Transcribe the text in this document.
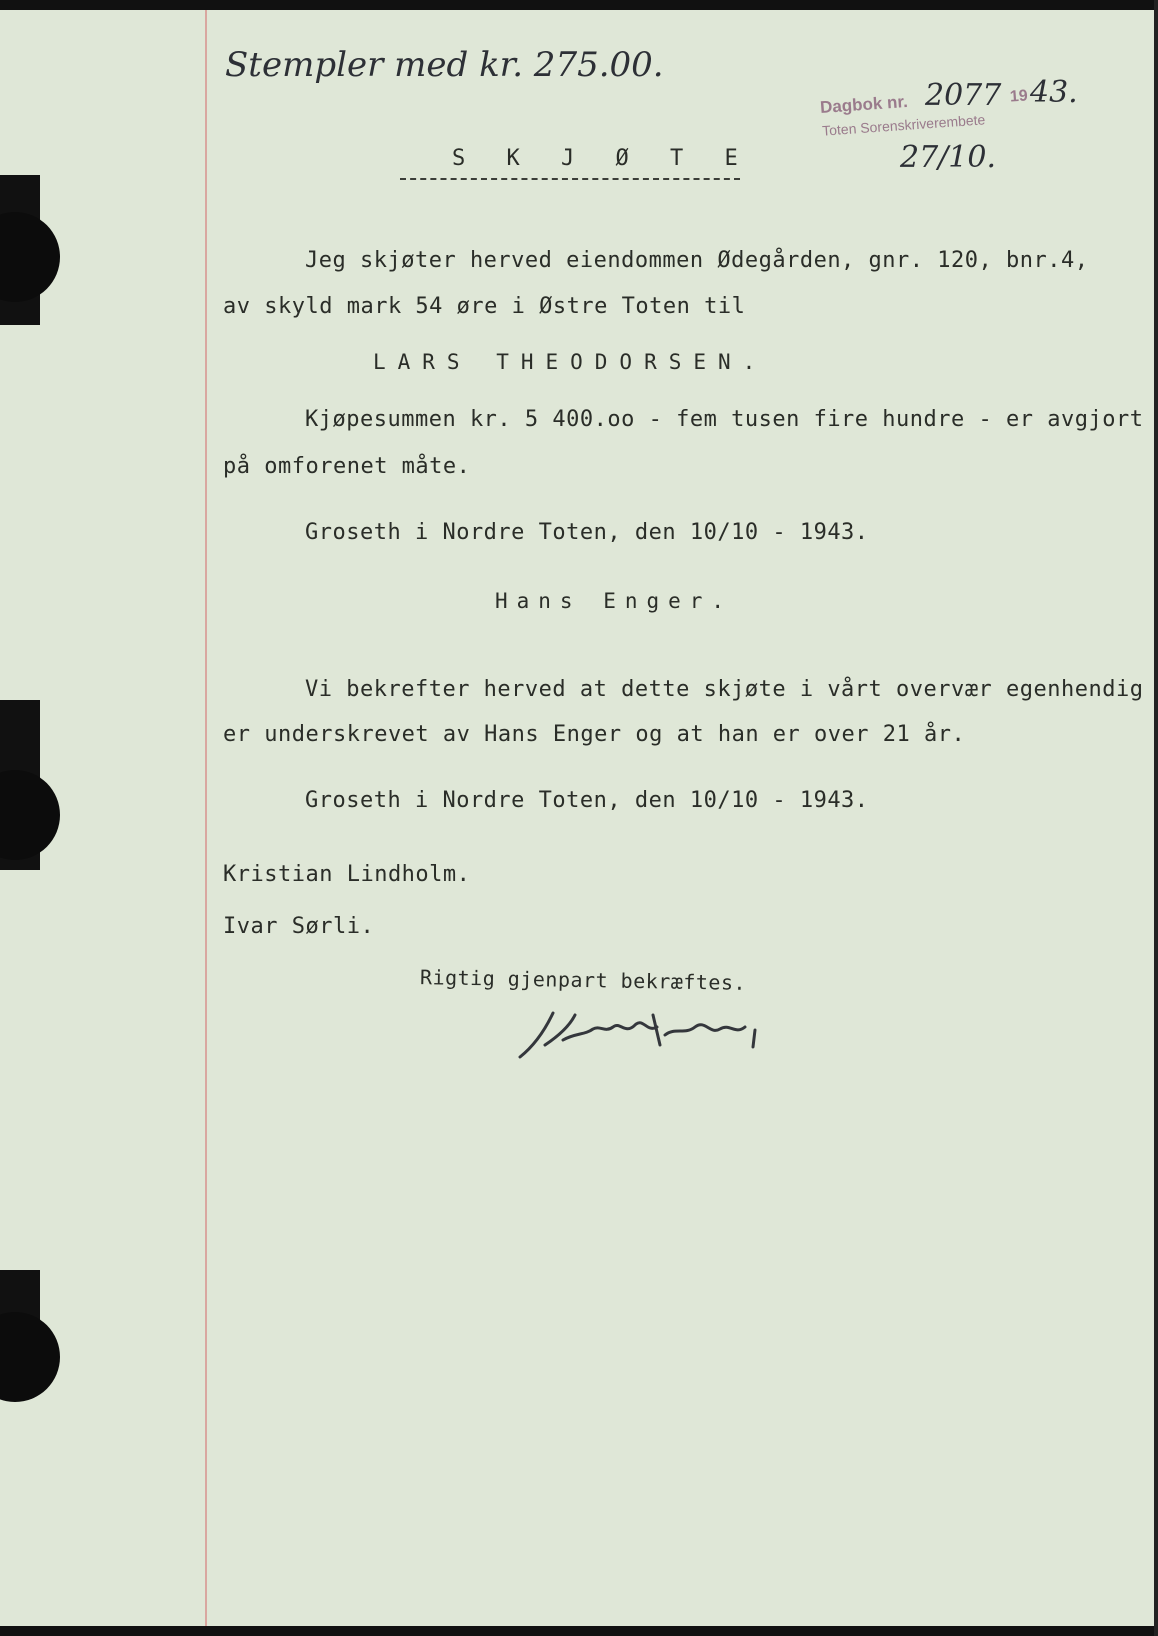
Stempler med kr. 275.00.
Dagbok nr. 2077 19 43.
Toten Sorenskriverembete
27/10.
S K J Ø T E
Jeg skjøter herved eiendommen Ødegården, gnr. 120, bnr.4,
av skyld mark 54 øre i Østre Toten til
LARS THEODORSEN.
Kjøpesummen kr. 5 400.oo - fem tusen fire hundre - er avgjort
på omforenet måte.
Groseth i Nordre Toten, den 10/10 - 1943.
Hans Enger.
Vi bekrefter herved at dette skjøte i vårt overvær egenhendig
er underskrevet av Hans Enger og at han er over 21 år.
Groseth i Nordre Toten, den 10/10 - 1943.
Kristian Lindholm.
Ivar Sørli.
Rigtig gjenpart bekræftes.
